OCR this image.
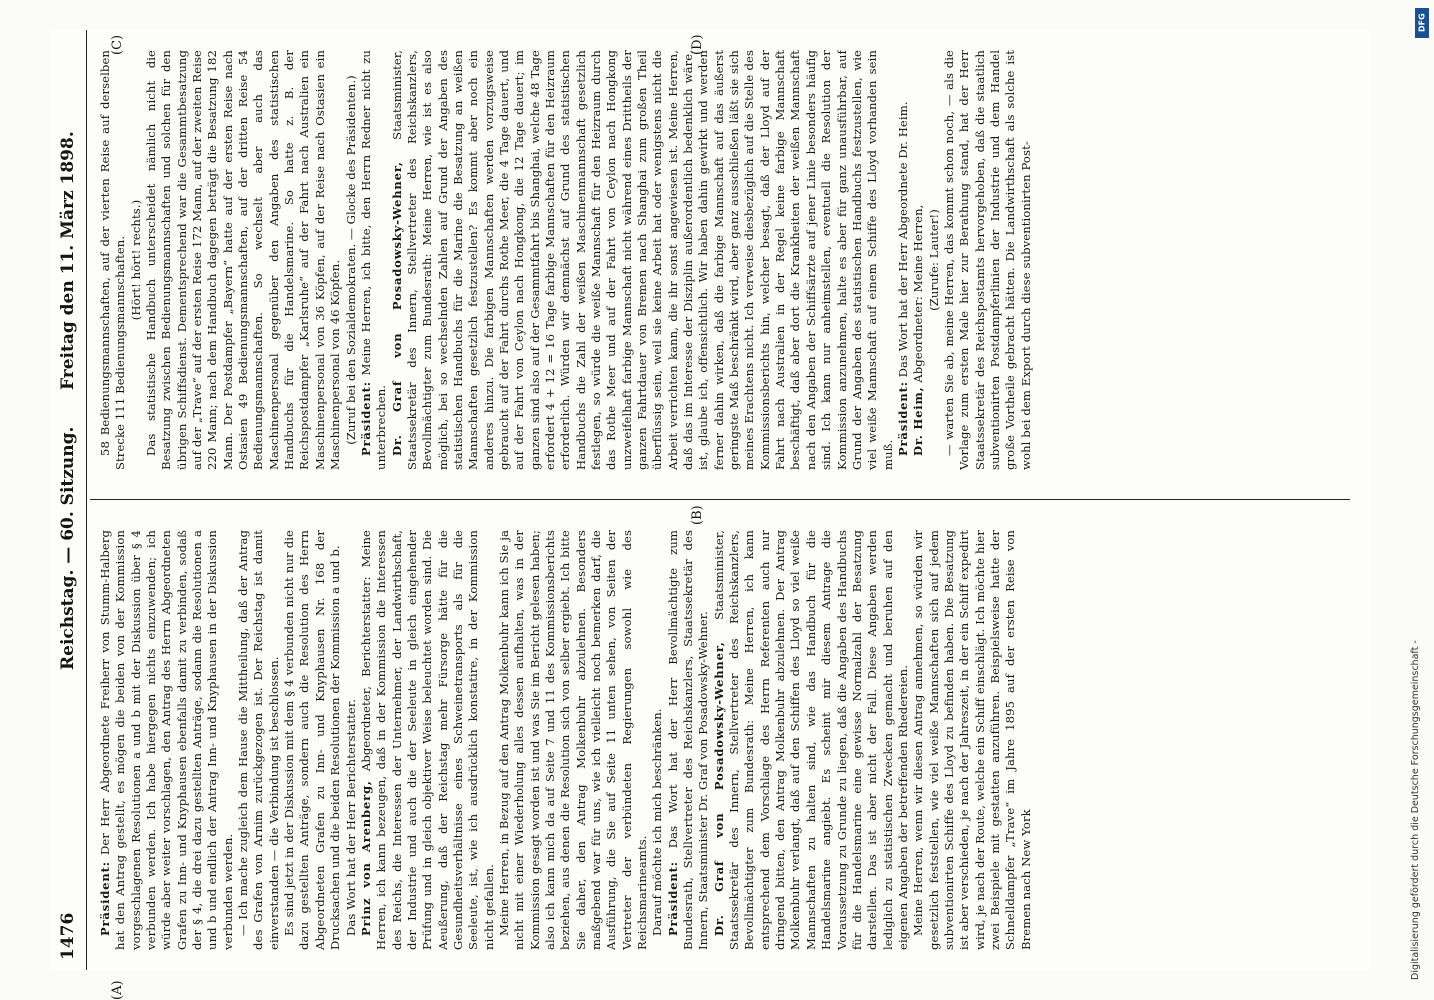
1476
Reichstag. — 60. Sitzung.
Freitag den 11. März 1898.

Präsident: Der Herr Abgeordnete Freiherr von Stumm-Halberg hat den Antrag gestellt, es mögen die beiden von der Kommission vorgeschlagenen Resolutionen a und b mit der Diskussion über § 4 verbunden werden. Ich habe hiergegen nichts einzuwenden; ich würde aber weiter vorschlagen, den Antrag des Herrn Abgeordneten Grafen zu Inn- und Knyphausen ebenfalls damit zu verbinden, sodaß der § 4, die drei dazu gestellten Anträge, sodann die Resolutionen a und b und endlich der Antrag Inn- und Knyphausen in der Diskussion verbunden werden. — Ich mache zugleich dem Hause die Mittheilung, daß der Antrag des Grafen von Arnim zurückgezogen ist. Der Reichstag ist damit einverstanden — die Verbindung ist beschlossen. Es sind jetzt in der Diskussion mit dem § 4 verbunden nicht nur die dazu gestellten Anträge, sondern auch die Resolution des Herrn Abgeordneten Grafen zu Inn- und Knyphausen Nr. 168 der Drucksachen und die beiden Resolutionen der Kommission a und b. Das Wort hat der Herr Berichterstatter. Prinz von Arenberg, Abgeordneter, Berichterstatter: Meine Herren, ich kann bezeugen, daß in der Kommission die Interessen des Reichs, die Interessen der Unternehmer, der Landwirthschaft, der Industrie und auch die der Seeleute in gleich eingehender Prüfung und in gleich objektiver Weise beleuchtet worden sind. Die Aeußerung, daß der Reichstag mehr Fürsorge hätte für die Gesundheitsverhältnisse eines Schweinetransports als für die Seeleute, ist, wie ich ausdrücklich konstatire, in der Kommission nicht gefallen. Meine Herren, in Bezug auf den Antrag Molkenbuhr kann ich Sie ja nicht mit einer Wiederholung alles dessen aufhalten, was in der Kommission gesagt worden ist und was Sie im Bericht gelesen haben; also ich kann mich da auf Seite 7 und 11 des Kommissionsberichts beziehen, aus denen die Resolution sich von selber ergiebt. Ich bitte Sie daher, den Antrag Molkenbuhr abzulehnen. Besonders maßgebend war für uns, wie ich vielleicht noch bemerken darf, die Ausführung, die Sie auf Seite 11 unten sehen, von Seiten der Vertreter der verbündeten Regierungen sowohl wie des Reichsmarineamts. Darauf möchte ich mich beschränken. Präsident: Das Wort hat der Herr Bevollmächtigte zum Bundesrath, Stellvertreter des Reichskanzlers, Staatssekretär des Innern, Staatsminister Dr. Graf von Posadowsky-Wehner. Dr. Graf von Posadowsky-Wehner, Staatsminister, Staatssekretär des Innern, Stellvertreter des Reichskanzlers, Bevollmächtigter zum Bundesrath: Meine Herren, ich kann entsprechend dem Vorschlage des Herrn Referenten auch nur dringend bitten, den Antrag Molkenbuhr abzulehnen. Der Antrag Molkenbuhr verlangt, daß auf den Schiffen des Lloyd so viel weiße Mannschaften zu halten sind, wie das Handbuch für die Handelsmarine angiebt. Es scheint mir diesem Antrage die Voraussetzung zu Grunde zu liegen, daß die Angaben des Handbuchs für die Handelsmarine eine gewisse Normalzahl der Besatzung darstellen. Das ist aber nicht der Fall. Diese Angaben werden lediglich zu statistischen Zwecken gemacht und beruhen auf den eigenen Angaben der betreffenden Rhedereien. Meine Herren, wenn wir diesen Antrag annehmen, so würden wir gesetzlich feststellen, wie viel weiße Mannschaften sich auf jedem subventionirten Schiffe des Lloyd zu befinden haben. Die Besatzung ist aber verschieden, je nach der Jahreszeit, in der ein Schiff expedirt wird, je nach der Route, welche ein Schiff einschlägt. Ich möchte hier zwei Beispiele mit gestatten anzuführen. Beispielsweise hatte der Schnelldampfer „Trave“ im Jahre 1895 auf der ersten Reise von Bremen nach New York

58 Bedienungsmannschaften, auf der vierten Reise auf derselben Strecke 111 Bedienungsmannschaften. (Hört! hört! rechts.) Das statistische Handbuch unterscheidet nämlich nicht die Besatzung zwischen Bedienungsmannschaften und solchen für den übrigen Schiffsdienst. Dementsprechend war die Gesammtbesatzung auf der „Trave“ auf der ersten Reise 172 Mann, auf der zweiten Reise 220 Mann; nach dem Handbuch dagegen beträgt die Besatzung 182 Mann. Der Postdampfer „Bayern“ hatte auf der ersten Reise nach Ostasien 49 Bedienungsmannschaften, auf der dritten Reise 54 Bedienungsmannschaften. So wechselt aber auch das Maschinenpersonal gegenüber den Angaben des statistischen Handbuchs für die Handelsmarine. So hatte z. B. der Reichspostdampfer „Karlsruhe“ auf der Fahrt nach Australien ein Maschinenpersonal von 36 Köpfen, auf der Reise nach Ostasien ein Maschinenpersonal von 46 Köpfen. (Zuruf bei den Sozialdemokraten. — Glocke des Präsidenten.) Präsident: Meine Herren, ich bitte, den Herrn Redner nicht zu unterbrechen. Dr. Graf von Posadowsky-Wehner, Staatsminister, Staatssekretär des Innern, Stellvertreter des Reichskanzlers, Bevollmächtigter zum Bundesrath: Meine Herren, wie ist es also möglich, bei so wechselnden Zahlen auf Grund der Angaben des statistischen Handbuchs für die Marine die Besatzung an weißen Mannschaften gesetzlich festzustellen? Es kommt aber noch ein anderes hinzu. Die farbigen Mannschaften werden vorzugsweise gebraucht auf der Fahrt durchs Rothe Meer, die 4 Tage dauert, und auf der Fahrt von Ceylon nach Hongkong, die 12 Tage dauert; im ganzen sind also auf der Gesammtfahrt bis Shanghai, welche 48 Tage erfordert 4 + 12 = 16 Tage farbige Mannschaften für den Heizraum erforderlich. Würden wir demnächst auf Grund des statistischen Handbuchs die Zahl der weißen Maschinenmannschaft gesetzlich festlegen, so würde die weiße Mannschaft für den Heizraum durch das Rothe Meer und auf der Fahrt von Ceylon nach Hongkong unzweifelhaft farbige Mannschaft nicht während eines Drittheils der ganzen Fahrtdauer von Bremen nach Shanghai zum großen Theil überflüssig sein, weil sie keine Arbeit hat oder wenigstens nicht die Arbeit verrichten kann, die ihr sonst angewiesen ist. Meine Herren, daß das im Interesse der Disziplin außerordentlich bedenklich wäre, ist, glaube ich, offensichtlich. Wir haben dahin gewirkt und werden ferner dahin wirken, daß die farbige Mannschaft auf das äußerst geringste Maß beschränkt wird, aber ganz ausschließen läßt sie sich meines Erachtens nicht. Ich verweise diesbezüglich auf die Stelle des Kommissionsberichts hin, welcher besagt, daß der Lloyd auf der Fahrt nach Australien in der Regel keine farbige Mannschaft beschäftigt, daß aber dort die Krankheiten der weißen Mannschaft nach den Angaben der Schiffsärzte auf jener Linie besonders häufig sind. Ich kann nur anheimstellen, eventuell die Resolution der Kommission anzunehmen, halte es aber für ganz unausführbar, auf Grund der Angaben des statistischen Handbuchs festzustellen, wie viel weiße Mannschaft auf einem Schiffe des Lloyd vorhanden sein muß. Präsident: Das Wort hat der Herr Abgeordnete Dr. Heim.

Dr. Heim, Abgeordneter: Meine Herren, (Zurufe: Lauter!) — warten Sie ab, meine Herren, das kommt schon noch, — als die Vorlage zum ersten Male hier zur Berathung stand, hat der Herr Staatssekretär des Reichspostamts hervorgehoben, daß die staatlich subventionirten Postdampferlinien der Industrie und dem Handel große Vortheile gebracht hätten. Die Landwirthschaft als solche ist wohl bei dem Export durch diese subventionirten Post-

(A)
(B)
(C)	(D)
Digitalisierung gefördert durch die Deutsche Forschungsgemeinschaft -
DFG
